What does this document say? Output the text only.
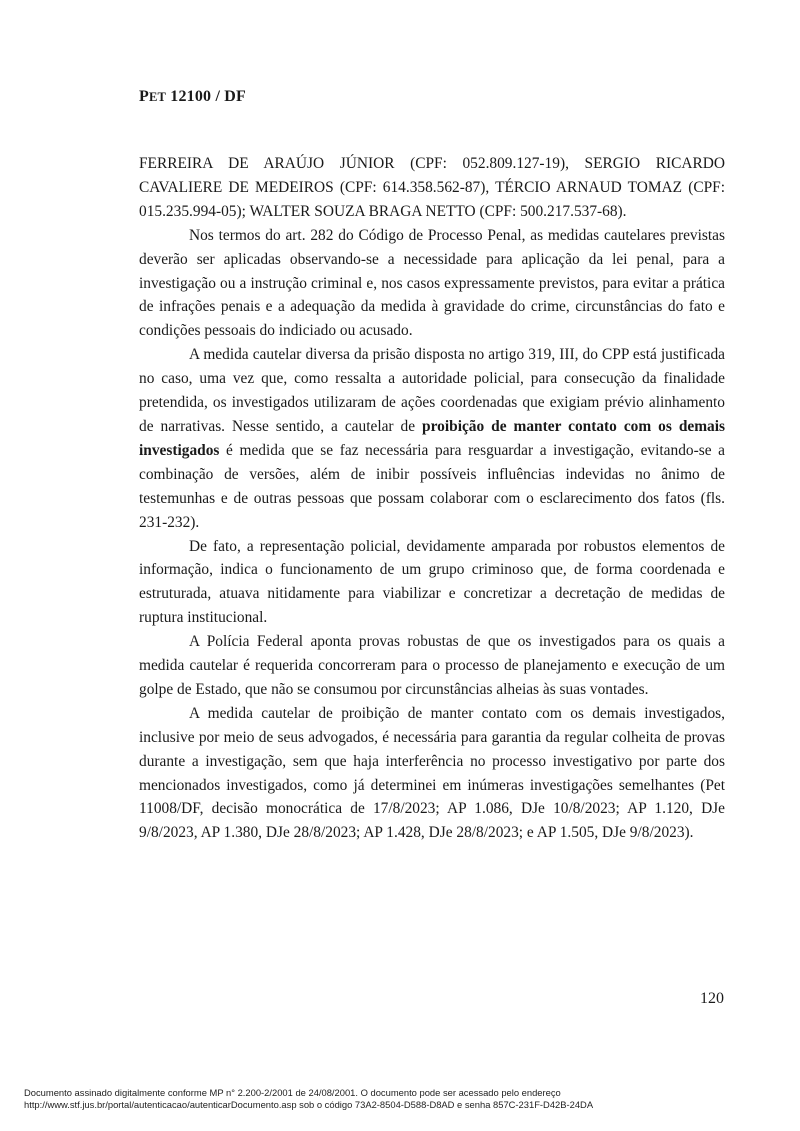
PET 12100 / DF

FERREIRA DE ARAÚJO JÚNIOR (CPF: 052.809.127-19), SERGIO RICARDO CAVALIERE DE MEDEIROS (CPF: 614.358.562-87), TÉRCIO ARNAUD TOMAZ (CPF: 015.235.994-05); WALTER SOUZA BRAGA NETTO (CPF: 500.217.537-68).

Nos termos do art. 282 do Código de Processo Penal, as medidas cautelares previstas deverão ser aplicadas observando-se a necessidade para aplicação da lei penal, para a investigação ou a instrução criminal e, nos casos expressamente previstos, para evitar a prática de infrações penais e a adequação da medida à gravidade do crime, circunstâncias do fato e condições pessoais do indiciado ou acusado.

A medida cautelar diversa da prisão disposta no artigo 319, III, do CPP está justificada no caso, uma vez que, como ressalta a autoridade policial, para consecução da finalidade pretendida, os investigados utilizaram de ações coordenadas que exigiam prévio alinhamento de narrativas. Nesse sentido, a cautelar de proibição de manter contato com os demais investigados é medida que se faz necessária para resguardar a investigação, evitando-se a combinação de versões, além de inibir possíveis influências indevidas no ânimo de testemunhas e de outras pessoas que possam colaborar com o esclarecimento dos fatos (fls. 231-232).

De fato, a representação policial, devidamente amparada por robustos elementos de informação, indica o funcionamento de um grupo criminoso que, de forma coordenada e estruturada, atuava nitidamente para viabilizar e concretizar a decretação de medidas de ruptura institucional.

A Polícia Federal aponta provas robustas de que os investigados para os quais a medida cautelar é requerida concorreram para o processo de planejamento e execução de um golpe de Estado, que não se consumou por circunstâncias alheias às suas vontades.

A medida cautelar de proibição de manter contato com os demais investigados, inclusive por meio de seus advogados, é necessária para garantia da regular colheita de provas durante a investigação, sem que haja interferência no processo investigativo por parte dos mencionados investigados, como já determinei em inúmeras investigações semelhantes (Pet 11008/DF, decisão monocrática de 17/8/2023; AP 1.086, DJe 10/8/2023; AP 1.120, DJe 9/8/2023, AP 1.380, DJe 28/8/2023; AP 1.428, DJe 28/8/2023; e AP 1.505, DJe 9/8/2023).

120
Documento assinado digitalmente conforme MP n° 2.200-2/2001 de 24/08/2001. O documento pode ser acessado pelo endereço
http://www.stf.jus.br/portal/autenticacao/autenticarDocumento.asp sob o código 73A2-8504-D588-D8AD e senha 857C-231F-D42B-24DA
